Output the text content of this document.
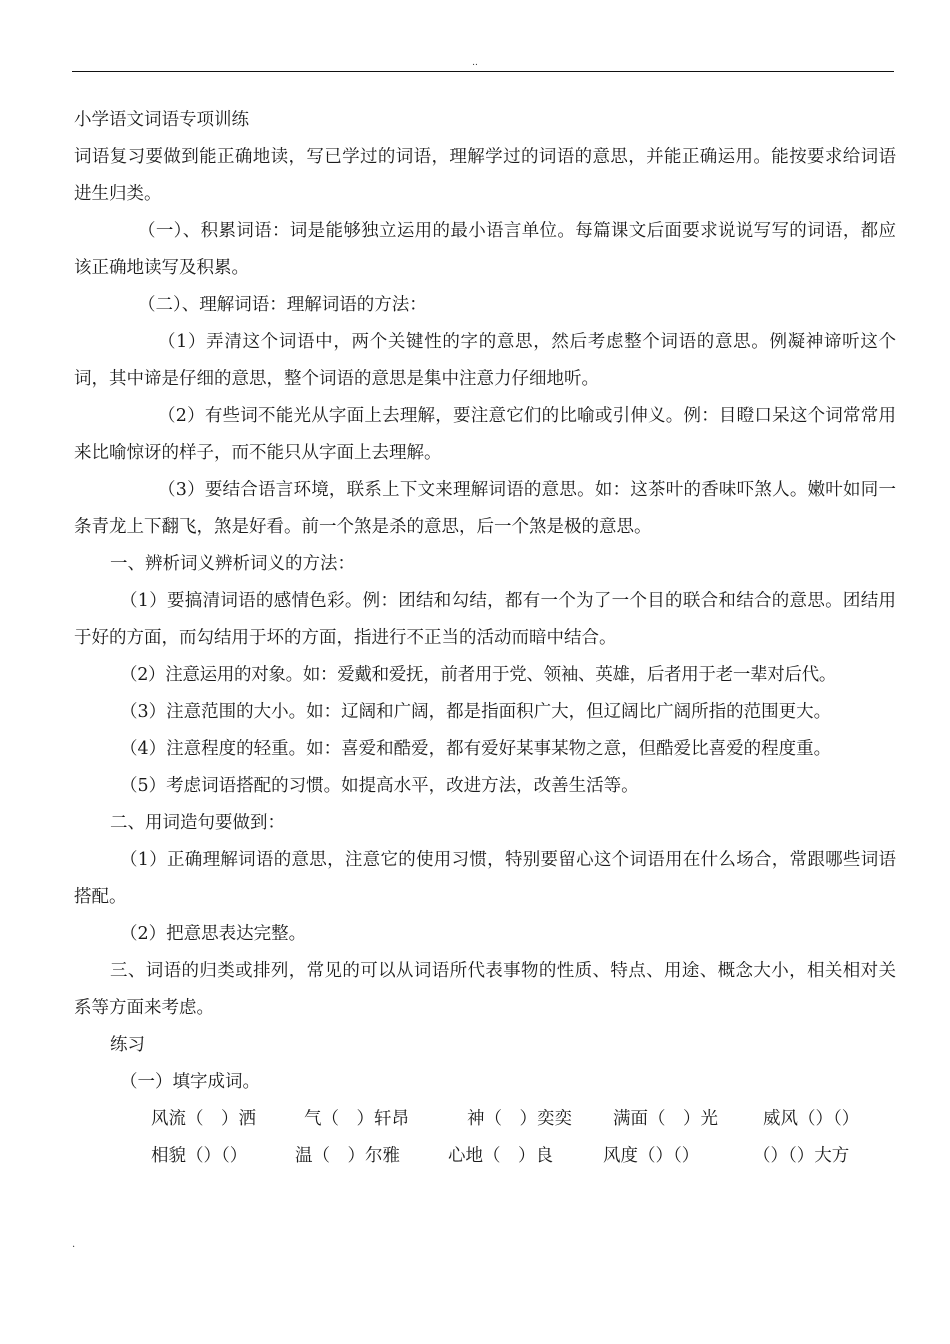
..

小学语文词语专项训练

词语复习要做到能正确地读，写已学过的词语，理解学过的词语的意思，并能正确运用。能按要求给词语进生归类。

（一）、积累词语：词是能够独立运用的最小语言单位。每篇课文后面要求说说写写的词语，都应该正确地读写及积累。

（二）、理解词语：理解词语的方法：

（1）弄清这个词语中，两个关键性的字的意思，然后考虑整个词语的意思。例凝神谛听这个词，其中谛是仔细的意思，整个词语的意思是集中注意力仔细地听。

（2）有些词不能光从字面上去理解，要注意它们的比喻或引伸义。例：目瞪口呆这个词常常用来比喻惊讶的样子，而不能只从字面上去理解。

（3）要结合语言环境，联系上下文来理解词语的意思。如：这茶叶的香味吓煞人。嫩叶如同一条青龙上下翻飞，煞是好看。前一个煞是杀的意思，后一个煞是极的意思。

一、辨析词义辨析词义的方法：

（1）要搞清词语的感情色彩。例：团结和勾结，都有一个为了一个目的联合和结合的意思。团结用于好的方面，而勾结用于坏的方面，指进行不正当的活动而暗中结合。

（2）注意运用的对象。如：爱戴和爱抚，前者用于党、领袖、英雄，后者用于老一辈对后代。

（3）注意范围的大小。如：辽阔和广阔，都是指面积广大，但辽阔比广阔所指的范围更大。

（4）注意程度的轻重。如：喜爱和酷爱，都有爱好某事某物之意，但酷爱比喜爱的程度重。

（5）考虑词语搭配的习惯。如提高水平，改进方法，改善生活等。

二、用词造句要做到：

（1）正确理解词语的意思，注意它的使用习惯，特别要留心这个词语用在什么场合，常跟哪些词语搭配。

（2）把意思表达完整。

三、词语的归类或排列，常见的可以从词语所代表事物的性质、特点、用途、概念大小，相关相对关系等方面来考虑。

练习

（一）填字成词。

风流（　）洒	气（　）轩昂	神（　）奕奕	满面（　）光	威风（）（）
相貌（）（）	温（　）尔雅	心地（　）良	风度（）（）	（）（）大方
.
